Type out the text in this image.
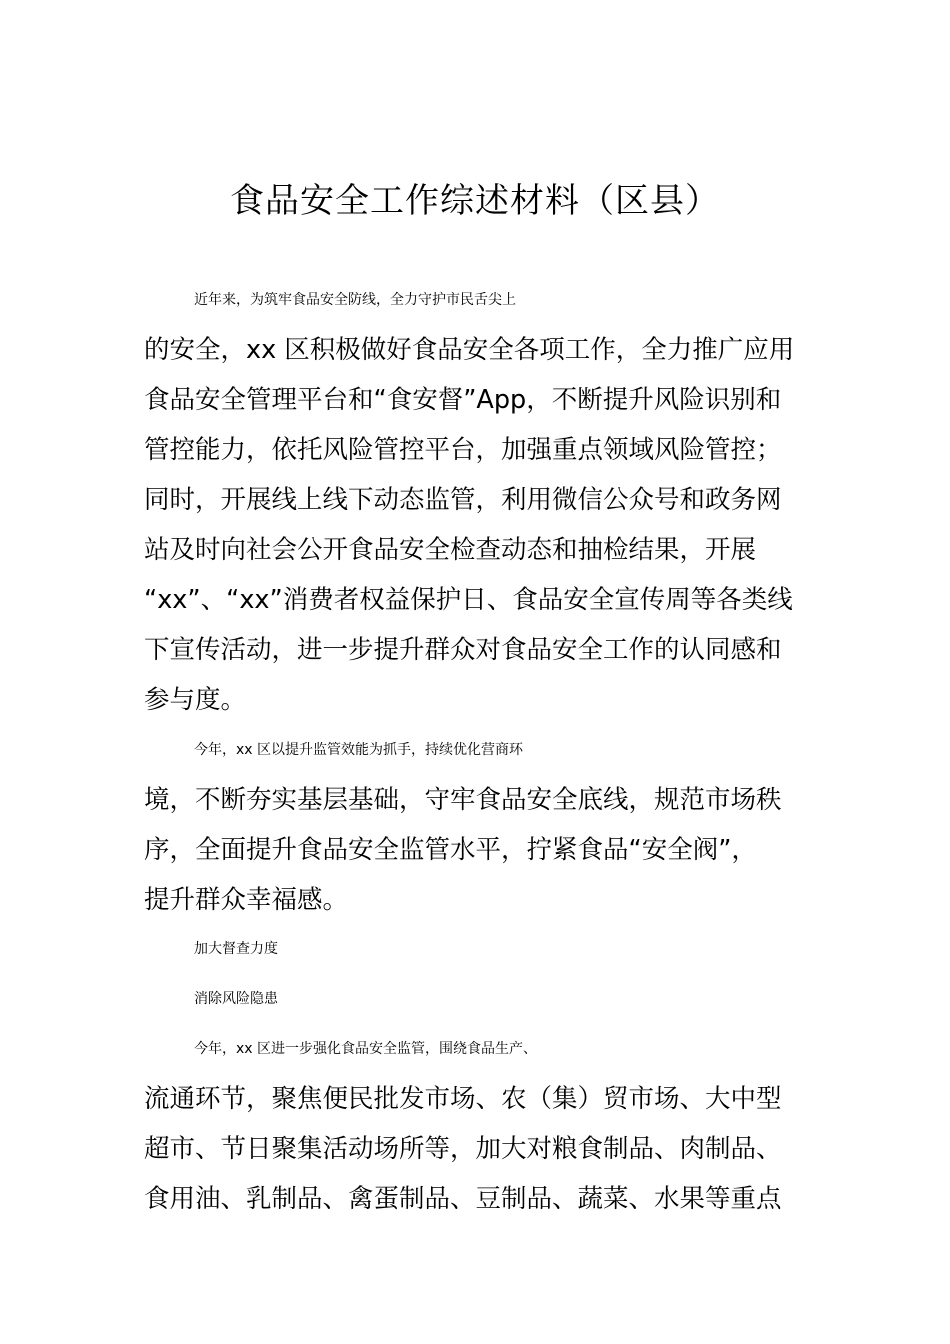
食品安全工作综述材料（区县）
近年来，为筑牢食品安全防线，全力守护市民舌尖上
的安全，xx 区积极做好食品安全各项工作，全力推广应用
食品安全管理平台和“食安督”App，不断提升风险识别和
管控能力，依托风险管控平台，加强重点领域风险管控；
同时，开展线上线下动态监管，利用微信公众号和政务网
站及时向社会公开食品安全检查动态和抽检结果，开展
“xx”、“xx”消费者权益保护日、食品安全宣传周等各类线
下宣传活动，进一步提升群众对食品安全工作的认同感和
参与度。
今年，xx 区以提升监管效能为抓手，持续优化营商环
境，不断夯实基层基础，守牢食品安全底线，规范市场秩
序，全面提升食品安全监管水平，拧紧食品“安全阀”，
提升群众幸福感。
加大督查力度
消除风险隐患
今年，xx 区进一步强化食品安全监管，围绕食品生产、
流通环节，聚焦便民批发市场、农（集）贸市场、大中型
超市、节日聚集活动场所等，加大对粮食制品、肉制品、
食用油、乳制品、禽蛋制品、豆制品、蔬菜、水果等重点
